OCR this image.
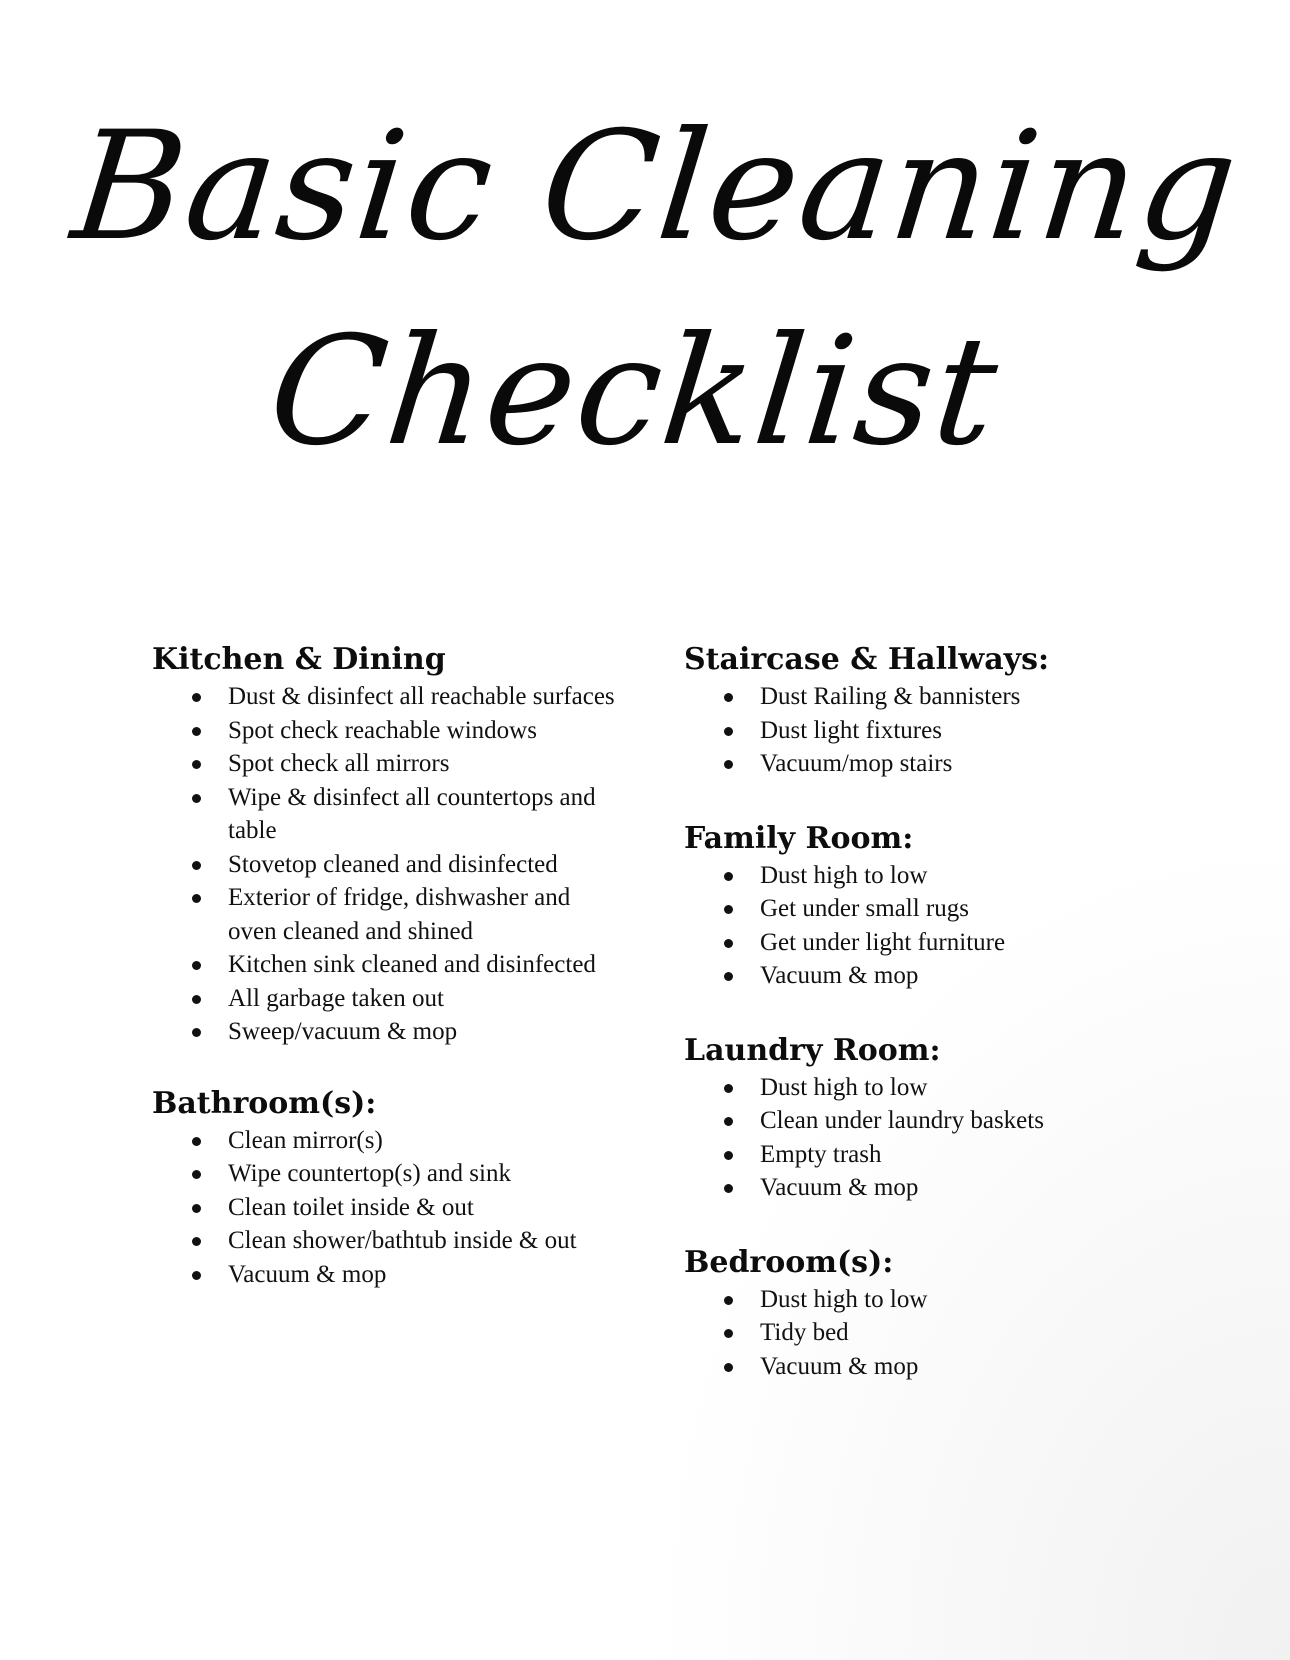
Basic Cleaning
Checklist
Kitchen & Dining
Dust & disinfect all reachable surfaces
Spot check reachable windows
Spot check all mirrors
Wipe & disinfect all countertops and table
Stovetop cleaned and disinfected
Exterior of fridge, dishwasher and oven cleaned and shined
Kitchen sink cleaned and disinfected
All garbage taken out
Sweep/vacuum & mop
Bathroom(s):
Clean mirror(s)
Wipe countertop(s) and sink
Clean toilet inside & out
Clean shower/bathtub inside & out
Vacuum & mop
Staircase & Hallways:
Dust Railing & bannisters
Dust light fixtures
Vacuum/mop stairs
Family Room:
Dust high to low
Get under small rugs
Get under light furniture
Vacuum & mop
Laundry Room:
Dust high to low
Clean under laundry baskets
Empty trash
Vacuum & mop
Bedroom(s):
Dust high to low
Tidy bed
Vacuum & mop
